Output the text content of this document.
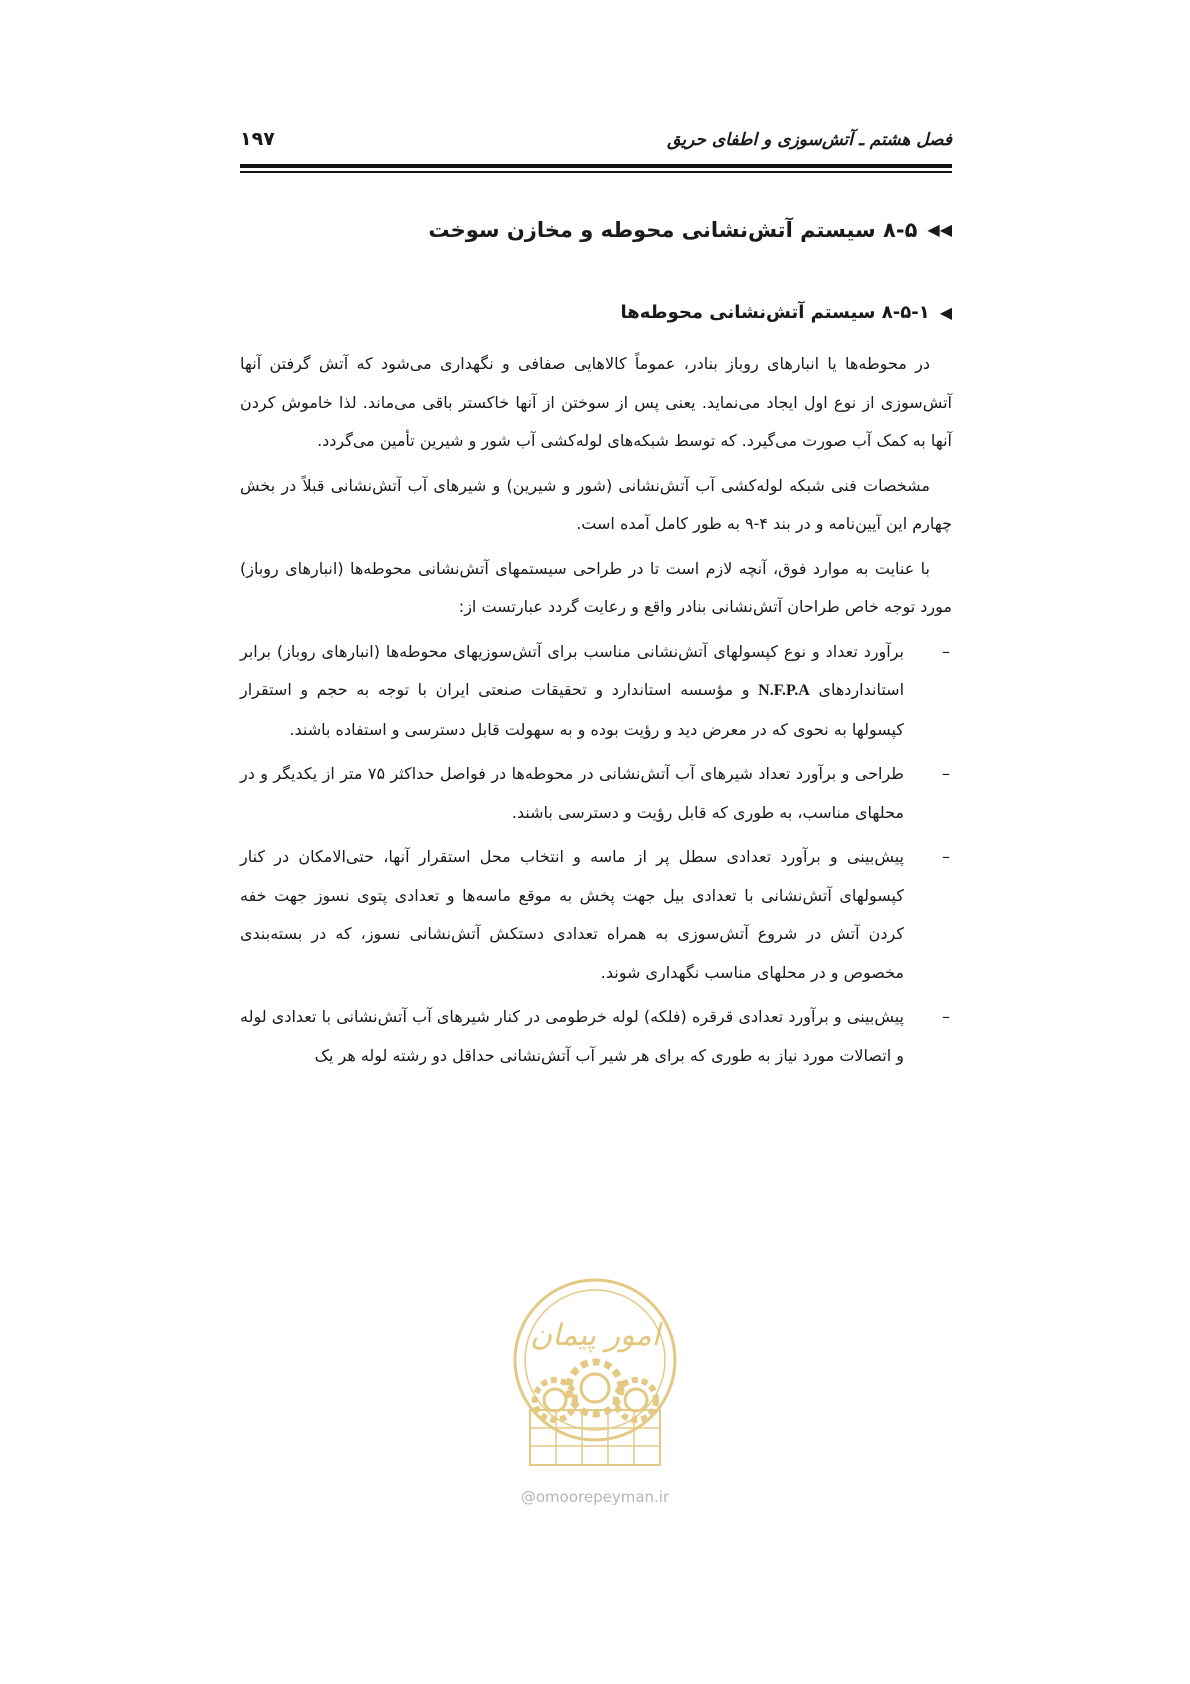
فصل هشتم ـ آتش‌سوزی و اطفای حریق
۱۹۷
◀◀
۸-۵ سیستم آتش‌نشانی محوطه و مخازن سوخت
◀
۸-۵-۱ سیستم آتش‌نشانی محوطه‌ها

در محوطه‌ها یا انبارهای روباز بنادر، عموماً کالاهایی صفافی و نگهداری می‌شود که آتش گرفتن آنها آتش‌سوزی از نوع اول ایجاد می‌نماید. یعنی پس از سوختن از آنها خاکستر باقی می‌ماند. لذا خاموش کردن آنها به کمک آب صورت می‌گیرد. که توسط شبکه‌های لوله‌کشی آب شور و شیرین تأمین می‌گردد.

مشخصات فنی شبکه لوله‌کشی آب آتش‌نشانی (شور و شیرین) و شیرهای آب آتش‌نشانی قبلاً در بخش چهارم این آیین‌نامه و در بند ۴-۹ به طور کامل آمده است.

با عنایت به موارد فوق، آنچه لازم است تا در طراحی سیستمهای آتش‌نشانی محوطه‌ها (انبارهای روباز) مورد توجه خاص طراحان آتش‌نشانی بنادر واقع و رعایت گردد عبارتست از:

–
برآورد تعداد و نوع کپسولهای آتش‌نشانی مناسب برای آتش‌سوزیهای محوطه‌ها (انبارهای روباز) برابر استانداردهای N.F.P.A و مؤسسه استاندارد و تحقیقات صنعتی ایران با توجه به حجم و استقرار کپسولها به نحوی که در معرض دید و رؤیت بوده و به سهولت قابل دسترسی و استفاده باشند.
–
طراحی و برآورد تعداد شیرهای آب آتش‌نشانی در محوطه‌ها در فواصل حداکثر ۷۵ متر از یکدیگر و در محلهای مناسب، به طوری که قابل رؤیت و دسترسی باشند.
–
پیش‌بینی و برآورد تعدادی سطل پر از ماسه و انتخاب محل استقرار آنها، حتی‌الامکان در کنار کپسولهای آتش‌نشانی با تعدادی بیل جهت پخش به موقع ماسه‌ها و تعدادی پتوی نسوز جهت خفه کردن آتش در شروع آتش‌سوزی به همراه تعدادی دستکش آتش‌نشانی نسوز، که در بسته‌بندی مخصوص و در محلهای مناسب نگهداری شوند.
–
پیش‌بینی و برآورد تعدادی قرقره (فلکه) لوله خرطومی در کنار شیرهای آب آتش‌نشانی با تعدادی لوله و اتصالات مورد نیاز به طوری که برای هر شیر آب آتش‌نشانی حداقل دو رشته لوله هر یک
امور پیمان
@omoorepeyman.ir
